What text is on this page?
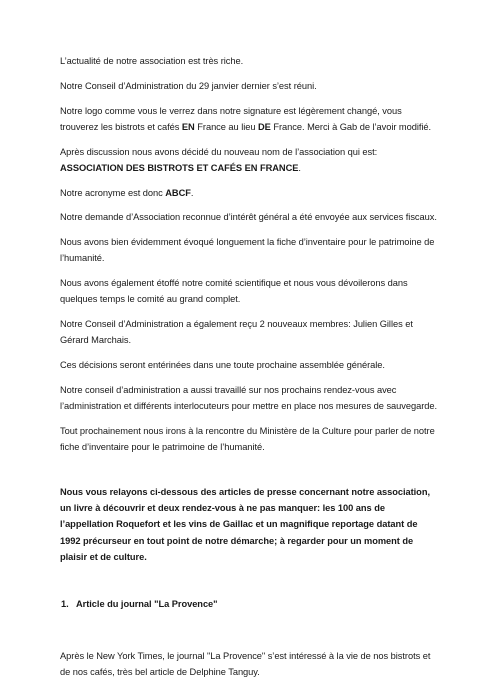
L’actualité de notre association est très riche.

Notre Conseil d’Administration du 29 janvier dernier s’est réuni.

Notre logo comme vous le verrez dans notre signature est légèrement changé, vous trouverez les bistrots et cafés EN France au lieu DE France. Merci à Gab de l’avoir modifié.

Après discussion nous avons décidé du nouveau nom de l’association qui est: ASSOCIATION DES BISTROTS ET CAFÉS EN FRANCE.

Notre acronyme est donc ABCF.

Notre demande d’Association reconnue d’intérêt général a été envoyée aux services fiscaux.

Nous avons bien évidemment évoqué longuement la fiche d’inventaire pour le patrimoine de l’humanité.

Nous avons également étoffé notre comité scientifique et nous vous dévoilerons dans quelques temps le comité au grand complet.

Notre Conseil d’Administration a également reçu 2 nouveaux membres: Julien Gilles et Gérard Marchais.

Ces décisions seront entérinées dans une toute prochaine assemblée générale.

Notre conseil d’administration a aussi travaillé sur nos prochains rendez-vous avec l’administration et différents interlocuteurs pour mettre en place nos mesures de sauvegarde.

Tout prochainement nous irons à la rencontre du Ministère de la Culture pour parler de notre fiche d’inventaire pour le patrimoine de l’humanité.

Nous vous relayons ci-dessous des articles de presse concernant notre association, un livre à découvrir et deux rendez-vous à ne pas manquer: les 100 ans de l’appellation Roquefort et les vins de Gaillac et un magnifique reportage datant de 1992 précurseur en tout point de notre démarche; à regarder pour un moment de plaisir et de culture.

1. Article du journal "La Provence"

Après le New York Times, le journal "La Provence" s’est intéressé à la vie de nos bistrots et de nos cafés, très bel article de Delphine Tanguy.
